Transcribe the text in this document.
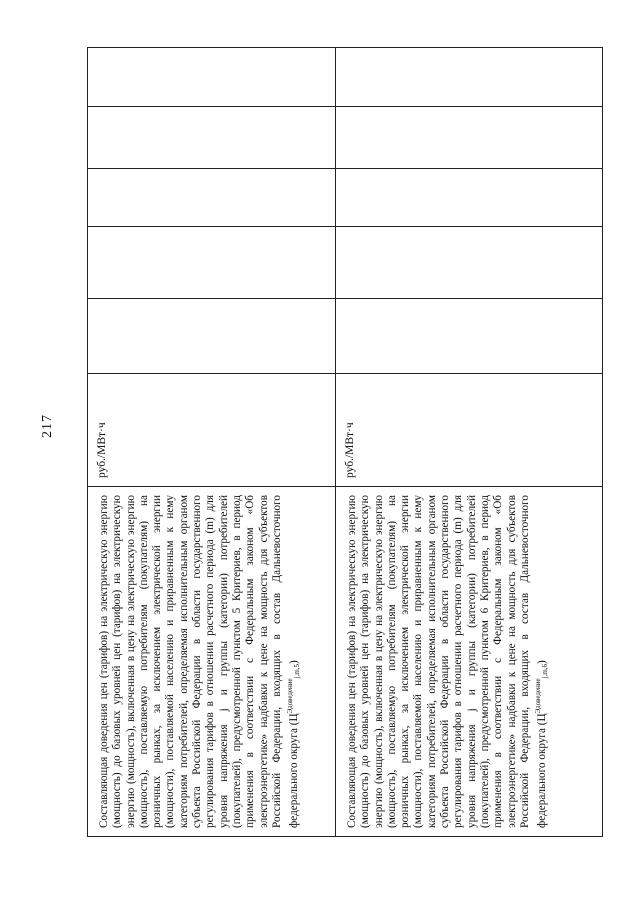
217
Составляющая доведения цен (тарифов) на электрическую энергию (мощность) до базовых уровней цен (тарифов) на электрическую энергию (мощность), включенная в цену на электрическую энергию (мощность), поставляемую потребителям (покупателям) на розничных рынках, за исключением электрической энергии (мощности), поставляемой населению и приравненным к нему категориям потребителей, определяемая исполнительным органом субъекта Российской Федерации в области государственного регулирования тарифов в отношении расчетного периода (m) для уровня напряжения j и группы (категории) потребителей (покупателей), предусмотренной пунктом 5 Критериев, в период применения в соответствии с Федеральным законом «Об электроэнергетике» надбавки к цене на мощность для субъектов Российской Федерации, входящих в состав Дальневосточного федерального округа $(Ц^{Эдоведение}_{j,m,5})$
руб./МВт·ч
Составляющая доведения цен (тарифов) на электрическую энергию (мощность) до базовых уровней цен (тарифов) на электрическую энергию (мощность), включенная в цену на электрическую энергию (мощность), поставляемую потребителям (покупателям) на розничных рынках, за исключением электрической энергии (мощности), поставляемой населению и приравненным к нему категориям потребителей, определяемая исполнительным органом субъекта Российской Федерации в области государственного регулирования тарифов в отношении расчетного периода (m) для уровня напряжения j и группы (категории) потребителей (покупателей), предусмотренной пунктом 6 Критериев, в период применения в соответствии с Федеральным законом «Об электроэнергетике» надбавки к цене на мощность для субъектов Российской Федерации, входящих в состав Дальневосточного федерального округа $(Ц^{Эдоведение}_{j,m,6})$
руб./МВт·ч
